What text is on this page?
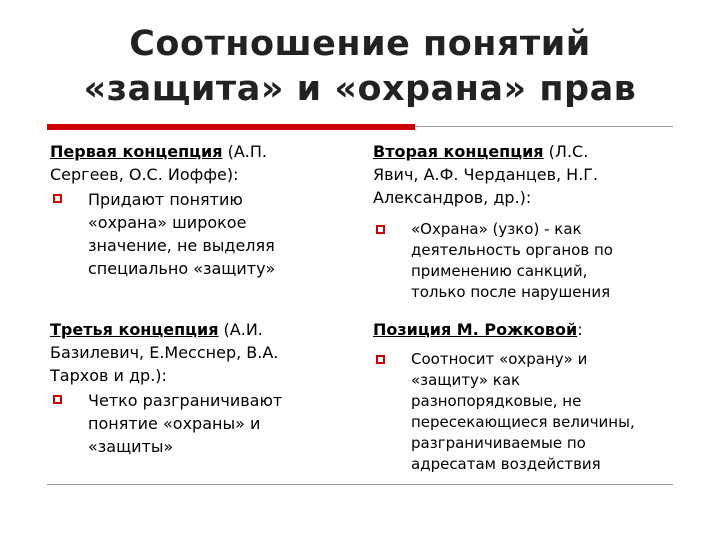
Соотношение понятий
«защита» и «охрана» прав
Первая концепция (А.П.
Сергеев, О.С. Иоффе):
Придают понятию
«охрана» широкое
значение, не выделяя
специально «защиту»
Вторая концепция (Л.С.
Явич, А.Ф. Черданцев, Н.Г.
Александров, др.):
«Охрана» (узко) - как
деятельность органов по
применению санкций,
только после нарушения
Третья концепция (А.И.
Базилевич, Е.Месснер, В.А.
Тархов и др.):
Четко разграничивают
понятие «охраны» и
«защиты»
Позиция М. Рожковой:
Соотносит «охрану» и
«защиту» как
разнопорядковые, не
пересекающиеся величины,
разграничиваемые по
адресатам воздействия
